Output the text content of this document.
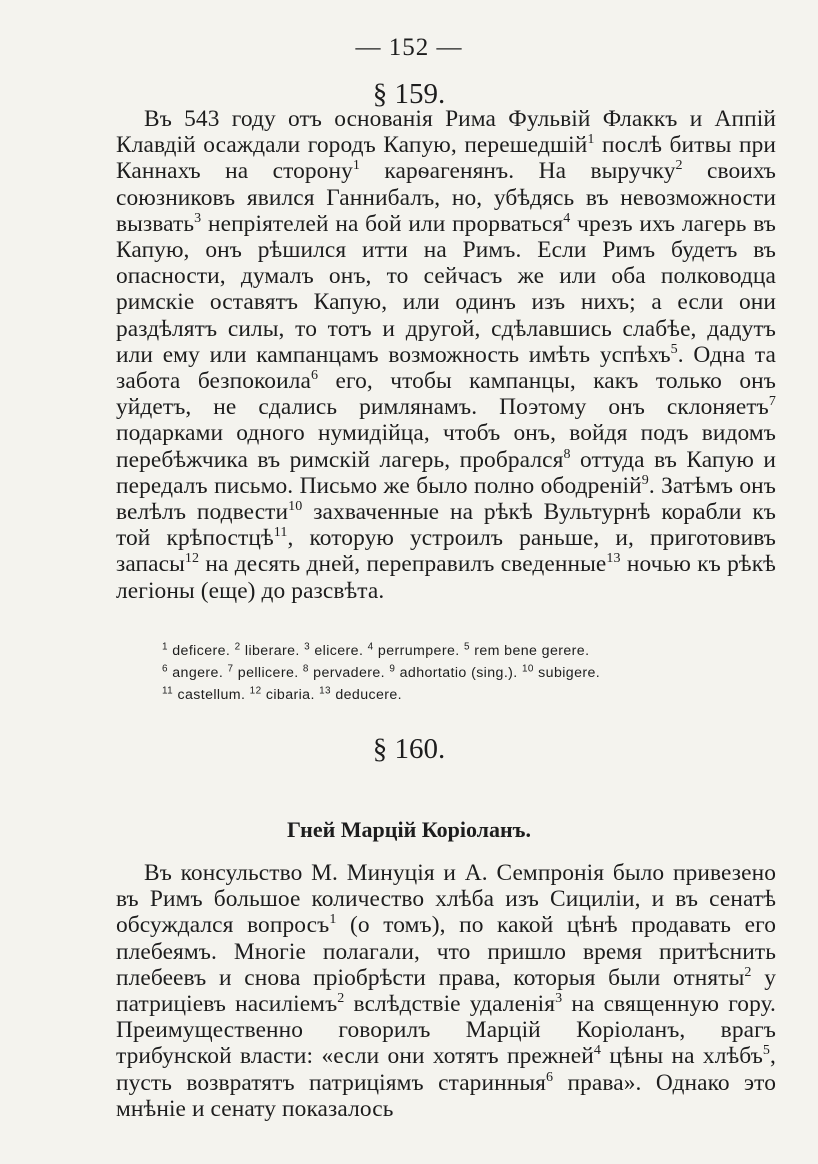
— 152 —
§ 159.
Въ 543 году отъ основанія Рима Фульвій Флаккъ и Аппій Клавдій осаждали городъ Капую, перешедшій$^1$ послѣ битвы при Каннахъ на сторону$^1$ карѳагенянъ. На выручку$^2$ своихъ союзниковъ явился Ганнибалъ, но, убѣдясь въ невозможности вызвать$^3$ непріятелей на бой или прорваться$^4$ чрезъ ихъ лагерь въ Капую, онъ рѣшился итти на Римъ. Если Римъ будетъ въ опасности, думалъ онъ, то сейчасъ же или оба полководца римскіе оставятъ Капую, или одинъ изъ нихъ; а если они раздѣлятъ силы, то тотъ и другой, сдѣлавшись слабѣе, дадутъ или ему или кампанцамъ возможность имѣть успѣхъ$^5$. Одна та забота безпокоила$^6$ его, чтобы кампанцы, какъ только онъ уйдетъ, не сдались римлянамъ. Поэтому онъ склоняетъ$^7$ подарками одного нумидійца, чтобъ онъ, войдя подъ видомъ перебѣжчика въ римскій лагерь, пробрался$^8$ оттуда въ Капую и передалъ письмо. Письмо же было полно ободреній$^9$. Затѣмъ онъ велѣлъ подвести$^{10}$ захваченные на рѣкѣ Вультурнѣ корабли къ той крѣпостцѣ$^{11}$, которую устроилъ раньше, и, приготовивъ запасы$^{12}$ на десять дней, переправилъ сведенные$^{13}$ ночью къ рѣкѣ легіоны (еще) до разсвѣта.
$^1$ deficere. $^2$ liberare. $^3$ elicere. $^4$ perrumpere. $^5$ rem bene gerere.
$^6$ angere. $^7$ pellicere. $^8$ pervadere. $^9$ adhortatio (sing.). $^{10}$ subigere.
$^{11}$ castellum. $^{12}$ cibaria. $^{13}$ deducere.
§ 160.
Гней Марцій Коріоланъ.
Въ консульство М. Минуція и А. Семпронія было привезено въ Римъ большое количество хлѣба изъ Сициліи, и въ сенатѣ обсуждался вопросъ$^1$ (о томъ), по какой цѣнѣ продавать его плебеямъ. Многіе полагали, что пришло время притѣснить плебеевъ и снова пріобрѣсти права, которыя были отняты$^2$ у патриціевъ насиліемъ$^2$ вслѣдствіе удаленія$^3$ на священную гору. Преимущественно говорилъ Марцій Коріоланъ, врагъ трибунской власти: «если они хотятъ прежней$^4$ цѣны на хлѣбъ$^5$, пусть возвратятъ патриціямъ старинныя$^6$ права». Однако это мнѣніе и сенату показалось
